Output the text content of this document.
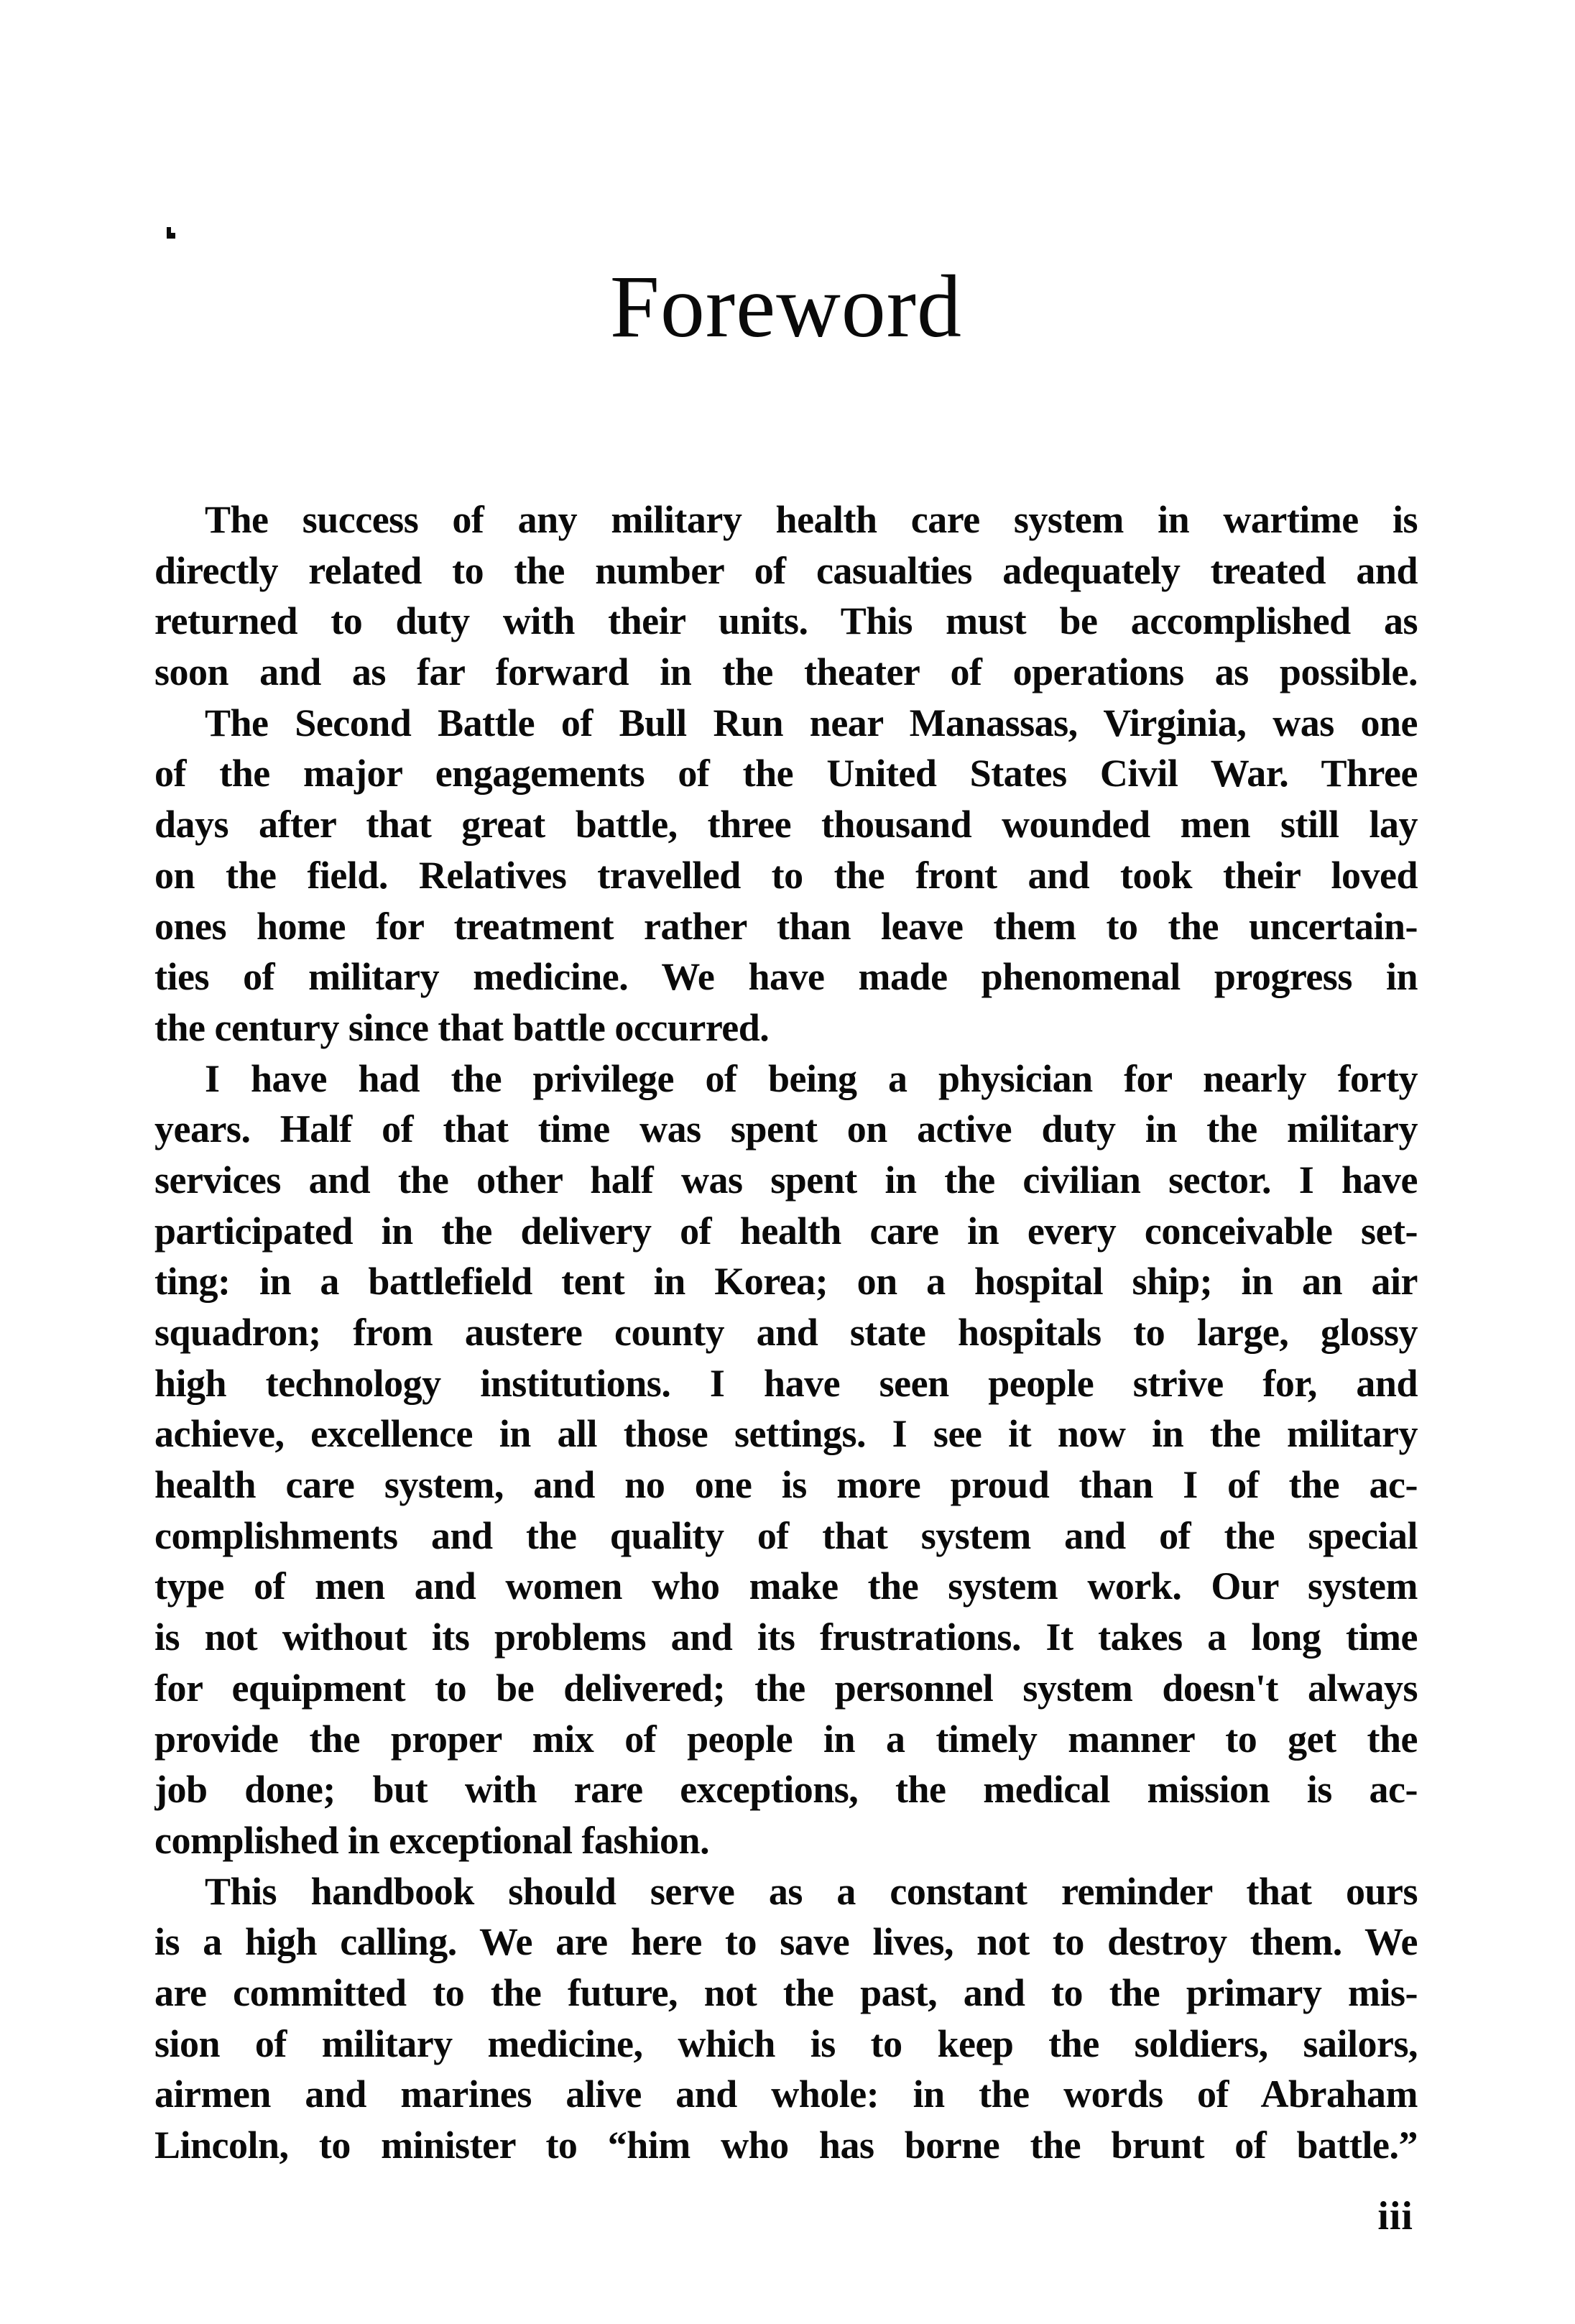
Foreword
The success of any military health care system in wartime is
directly related to the number of casualties adequately treated and
returned to duty with their units. This must be accomplished as
soon and as far forward in the theater of operations as possible.
The Second Battle of Bull Run near Manassas, Virginia, was one
of the major engagements of the United States Civil War. Three
days after that great battle, three thousand wounded men still lay
on the field. Relatives travelled to the front and took their loved
ones home for treatment rather than leave them to the uncertain-
ties of military medicine. We have made phenomenal progress in
the century since that battle occurred.
I have had the privilege of being a physician for nearly forty
years. Half of that time was spent on active duty in the military
services and the other half was spent in the civilian sector. I have
participated in the delivery of health care in every conceivable set-
ting: in a battlefield tent in Korea; on a hospital ship; in an air
squadron; from austere county and state hospitals to large, glossy
high technology institutions. I have seen people strive for, and
achieve, excellence in all those settings. I see it now in the military
health care system, and no one is more proud than I of the ac-
complishments and the quality of that system and of the special
type of men and women who make the system work. Our system
is not without its problems and its frustrations. It takes a long time
for equipment to be delivered; the personnel system doesn't always
provide the proper mix of people in a timely manner to get the
job done; but with rare exceptions, the medical mission is ac-
complished in exceptional fashion.
This handbook should serve as a constant reminder that ours
is a high calling. We are here to save lives, not to destroy them. We
are committed to the future, not the past, and to the primary mis-
sion of military medicine, which is to keep the soldiers, sailors,
airmen and marines alive and whole: in the words of Abraham
Lincoln, to minister to “him who has borne the brunt of battle.”
iii
